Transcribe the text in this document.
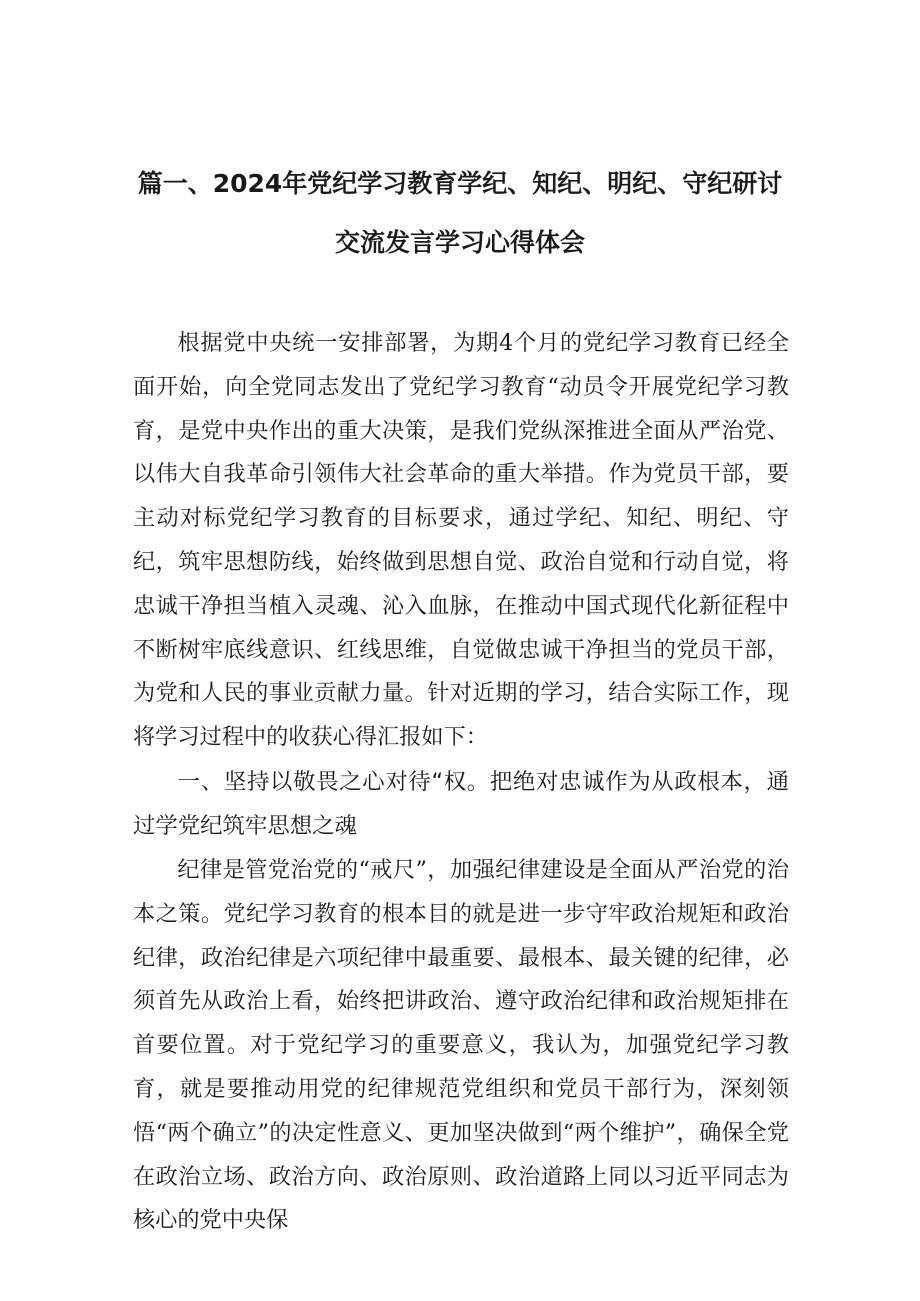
篇一、2024年党纪学习教育学纪、知纪、明纪、守纪研讨
交流发言学习心得体会

根据党中央统一安排部署，为期4个月的党纪学习教育已经全面开始，向全党同志发出了党纪学习教育“动员令开展党纪学习教育，是党中央作出的重大决策，是我们党纵深推进全面从严治党、以伟大自我革命引领伟大社会革命的重大举措。作为党员干部，要主动对标党纪学习教育的目标要求，通过学纪、知纪、明纪、守纪，筑牢思想防线，始终做到思想自觉、政治自觉和行动自觉，将忠诚干净担当植入灵魂、沁入血脉，在推动中国式现代化新征程中不断树牢底线意识、红线思维，自觉做忠诚干净担当的党员干部，为党和人民的事业贡献力量。针对近期的学习，结合实际工作，现将学习过程中的收获心得汇报如下：

一、坚持以敬畏之心对待“权。把绝对忠诚作为从政根本，通过学党纪筑牢思想之魂

纪律是管党治党的“戒尺”，加强纪律建设是全面从严治党的治本之策。党纪学习教育的根本目的就是进一步守牢政治规矩和政治纪律，政治纪律是六项纪律中最重要、最根本、最关键的纪律，必须首先从政治上看，始终把讲政治、遵守政治纪律和政治规矩排在首要位置。对于党纪学习的重要意义，我认为，加强党纪学习教育，就是要推动用党的纪律规范党组织和党员干部行为，深刻领悟“两个确立”的决定性意义、更加坚决做到“两个维护”，确保全党在政治立场、政治方向、政治原则、政治道路上同以习近平同志为核心的党中央保
